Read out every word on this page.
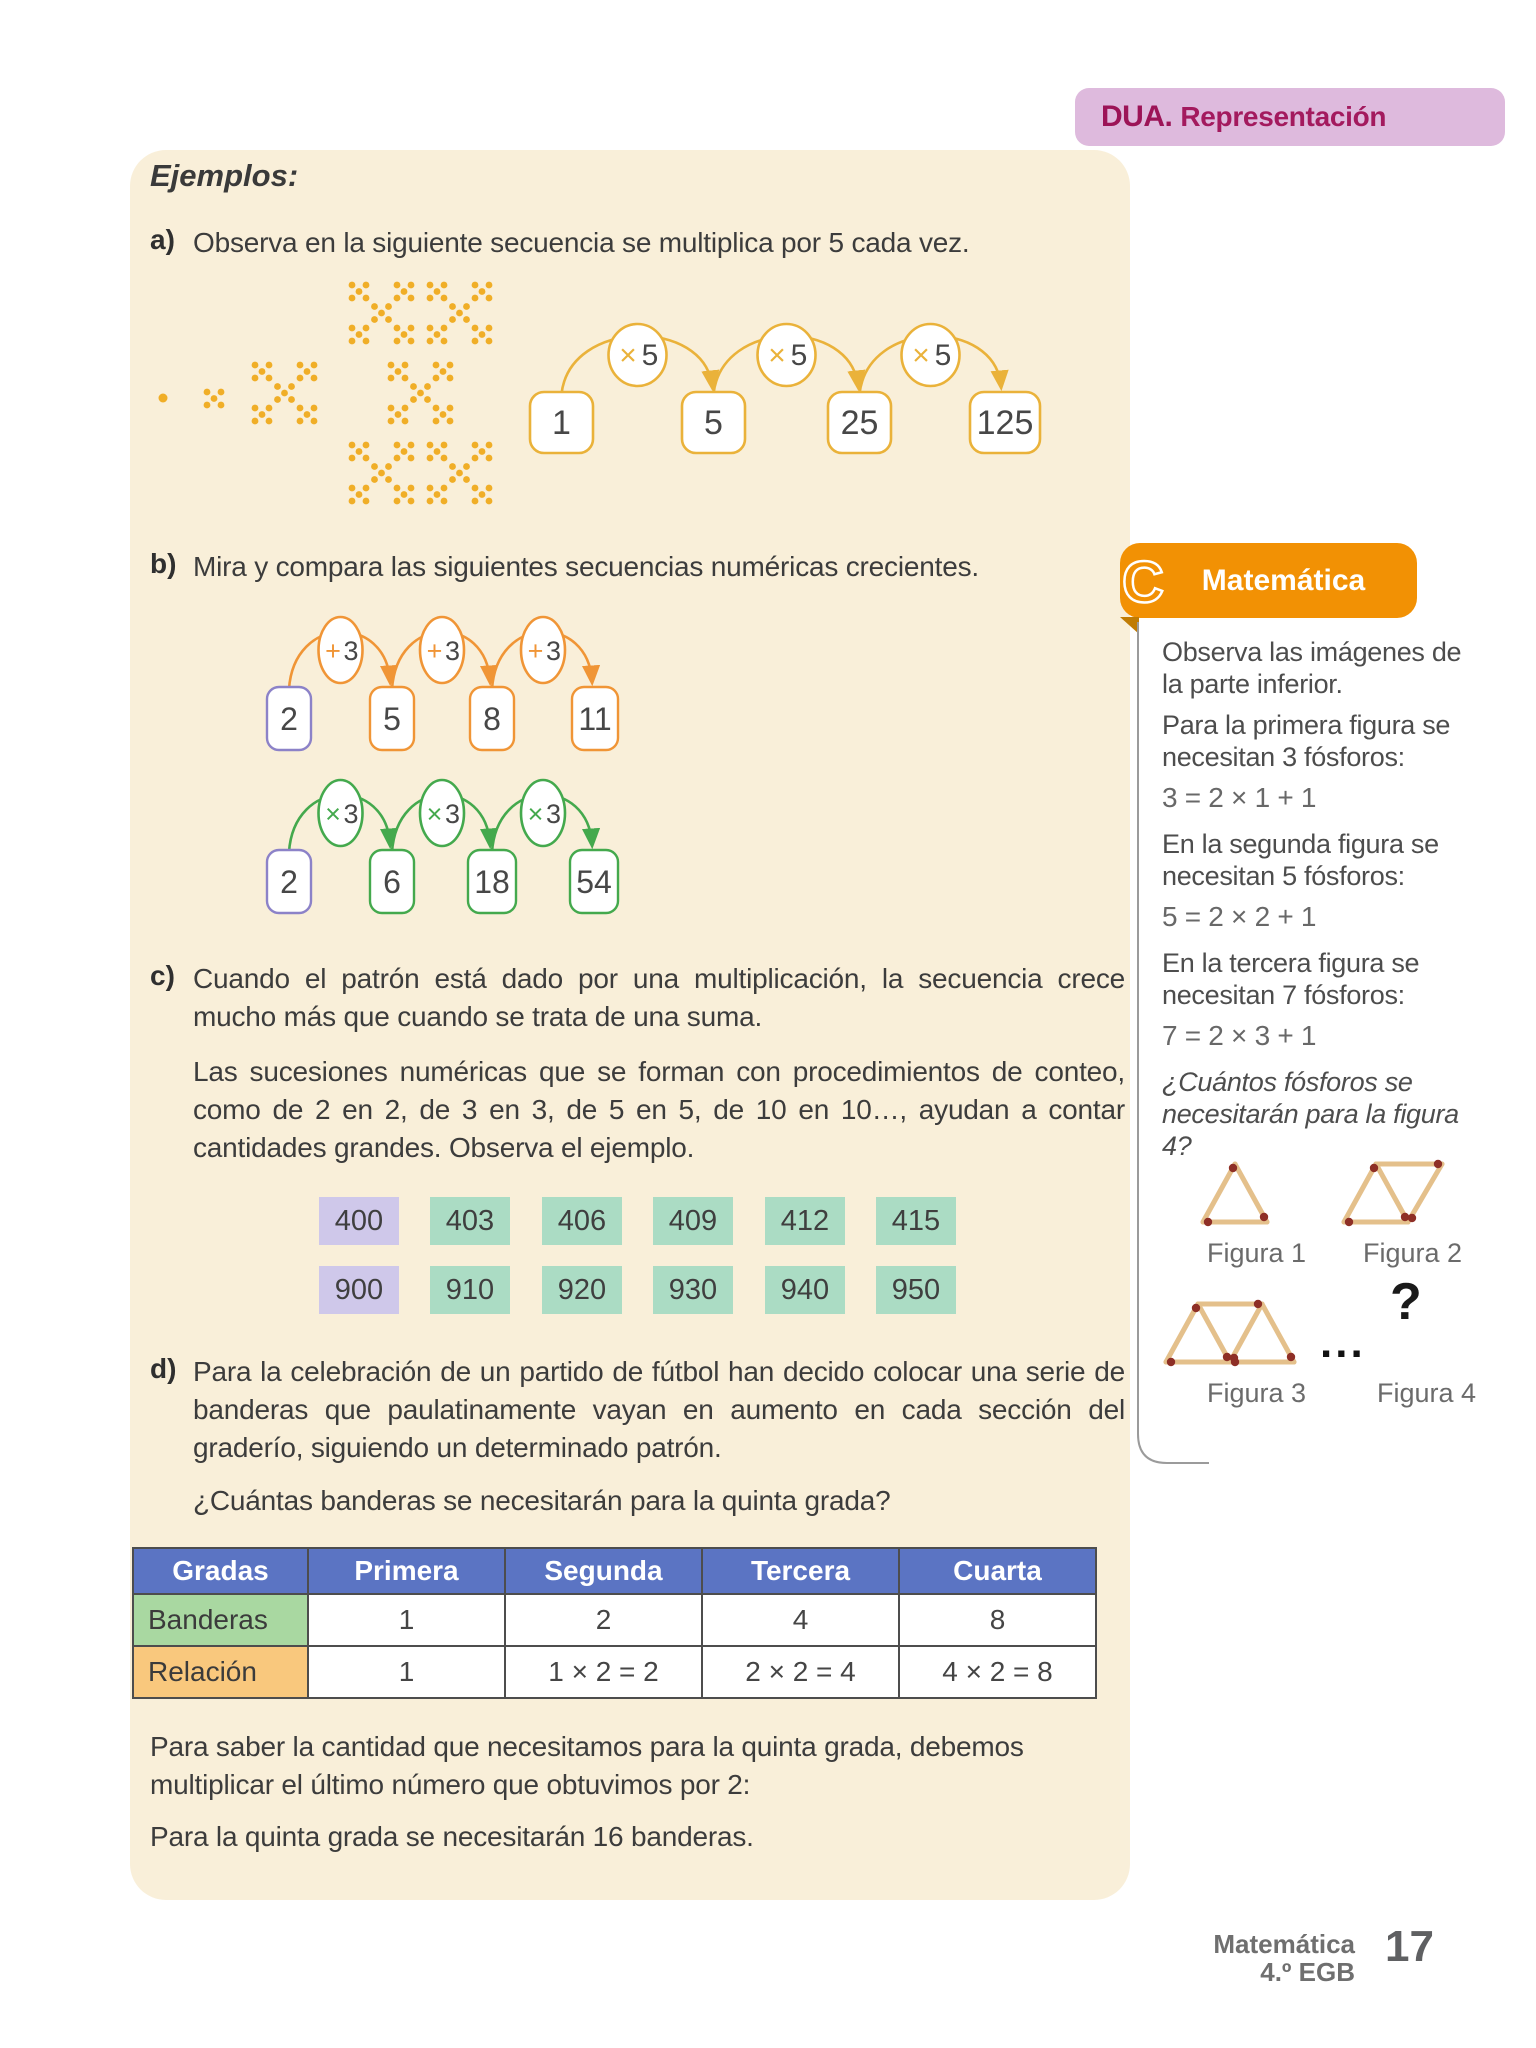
DUA. Representación
Ejemplos:
a) Observa en la siguiente secuencia se multiplica por 5 cada vez.

× 5	× 5	× 5
1	5	25	125
b) Mira y compara las siguientes secuencias numéricas crecientes.

+ 3	+ 3	+ 3
2	5	8 11
× 3	× 3	× 3
2	6 18 54
c) Cuando el patrón está dado por una multiplicación, la secuencia crece mucho más que cuando se trata de una suma.

Las sucesiones numéricas que se forman con procedimientos de conteo, como de 2 en 2, de 3 en 3, de 5 en 5, de 10 en 10…, ayudan a contar cantidades grandes. Observa el ejemplo.

400	403	406	409	412	415
900	910	920	930	940	950
d) Para la celebración de un partido de fútbol han decido colocar una serie de banderas que paulatinamente vayan en aumento en cada sección del graderío, siguiendo un determinado patrón.

¿Cuántas banderas se necesitarán para la quinta grada?

Gradas	Primera	Segunda	Tercera	Cuarta
Banderas	1	2	4	8
Relación	1	1 × 2 = 2	2 × 2 = 4	4 × 2 = 8

Para saber la cantidad que necesitamos para la quinta grada, debemos multiplicar el último número que obtuvimos por 2:

Para la quinta grada se necesitarán 16 banderas.

Matemática
C

Observa las imágenes de la parte inferior.

Para la primera figura se necesitan 3 fósforos:

3 = 2 × 1 + 1

En la segunda figura se necesitan 5 fósforos:

5 = 2 × 2 + 1

En la tercera figura se necesitan 7 fósforos:

7 = 2 × 3 + 1

¿Cuántos fósforos se necesitarán para la figura 4?

...
?
Figura 1 Figura 2
Figura 3	Figura 4
Matemática
4.º EGB
17
